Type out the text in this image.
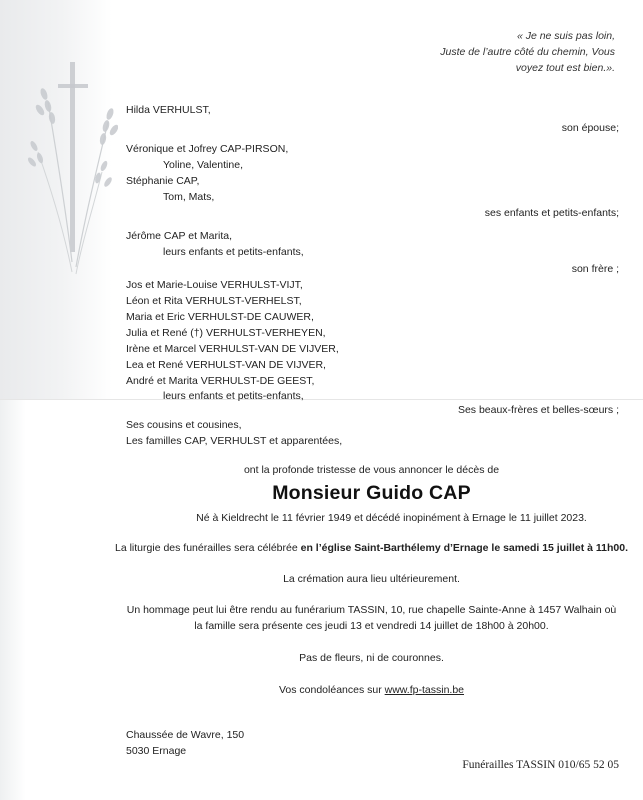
« Je ne suis pas loin,
Juste de l’autre côté du chemin, Vous
voyez tout est bien.».
Hilda VERHULST,
son épouse;
Véronique et Jofrey CAP-PIRSON,
Yoline, Valentine,
Stéphanie CAP,
Tom, Mats,
ses enfants et petits-enfants;
Jérôme CAP et Marita,
leurs enfants et petits-enfants,
son frère ;
Jos et Marie-Louise VERHULST-VIJT,
Léon et Rita VERHULST-VERHELST,
Maria et Eric VERHULST-DE CAUWER,
Julia et René (†) VERHULST-VERHEYEN,
Irène et Marcel VERHULST-VAN DE VIJVER,
Lea et René VERHULST-VAN DE VIJVER,
André et Marita VERHULST-DE GEEST,
leurs enfants et petits-enfants,
Ses beaux-frères et belles-sœurs ;
Ses cousins et cousines,
Les familles CAP, VERHULST et apparentées,
ont la profonde tristesse de vous annoncer le décès de
Monsieur Guido CAP
Né à Kieldrecht le 11 février 1949 et décédé inopinément à Ernage le 11 juillet 2023.
La liturgie des funérailles sera célébrée en l’église Saint-Barthélemy d’Ernage le samedi 15 juillet à 11h00.
La crémation aura lieu ultérieurement.
Un hommage peut lui être rendu au funérarium TASSIN, 10, rue chapelle Sainte-Anne à 1457 Walhain où
la famille sera présente ces jeudi 13 et vendredi 14 juillet de 18h00 à 20h00.
Pas de fleurs, ni de couronnes.
Vos condoléances sur www.fp-tassin.be
Chaussée de Wavre, 150
5030 Ernage
Funérailles TASSIN 010/65 52 05
